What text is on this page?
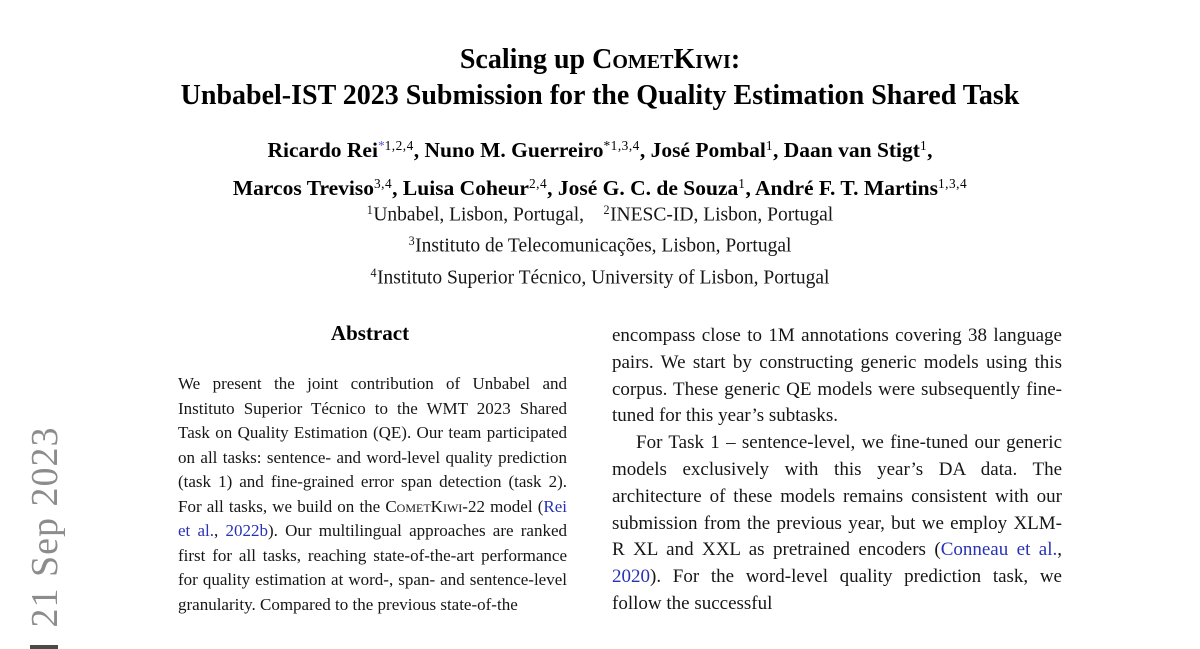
21 Sep 2023
Scaling up CometKiwi:
Unbabel-IST 2023 Submission for the Quality Estimation Shared Task
Ricardo Rei$^{*1,2,4}$, Nuno M. Guerreiro$^{*1,3,4}$, José Pombal$^1$, Daan van Stigt$^1$,
Marcos Treviso$^{3,4}$, Luisa Coheur$^{2,4}$, José G. C. de Souza$^1$, André F. T. Martins$^{1,3,4}$
$^1$Unbabel, Lisbon, Portugal, $^2$INESC-ID, Lisbon, Portugal
$^3$Instituto de Telecomunicações, Lisbon, Portugal
$^4$Instituto Superior Técnico, University of Lisbon, Portugal
Abstract

We present the joint contribution of Unbabel and Instituto Superior Técnico to the WMT 2023 Shared Task on Quality Estimation (QE). Our team participated on all tasks: sentence- and word-level quality prediction (task 1) and fine-grained error span detection (task 2). For all tasks, we build on the CometKiwi-22 model (Rei et al., 2022b). Our multilingual approaches are ranked first for all tasks, reaching state-of-the-art performance for quality estimation at word-, span- and sentence-level granularity. Compared to the previous state-of-the

encompass close to 1M annotations covering 38 language pairs. We start by constructing generic models using this corpus. These generic QE models were subsequently fine-tuned for this year’s subtasks.

For Task 1 – sentence-level, we fine-tuned our generic models exclusively with this year’s DA data. The architecture of these models remains consistent with our submission from the previous year, but we employ XLM-R XL and XXL as pretrained encoders (Conneau et al., 2020). For the word-level quality prediction task, we follow the successful
